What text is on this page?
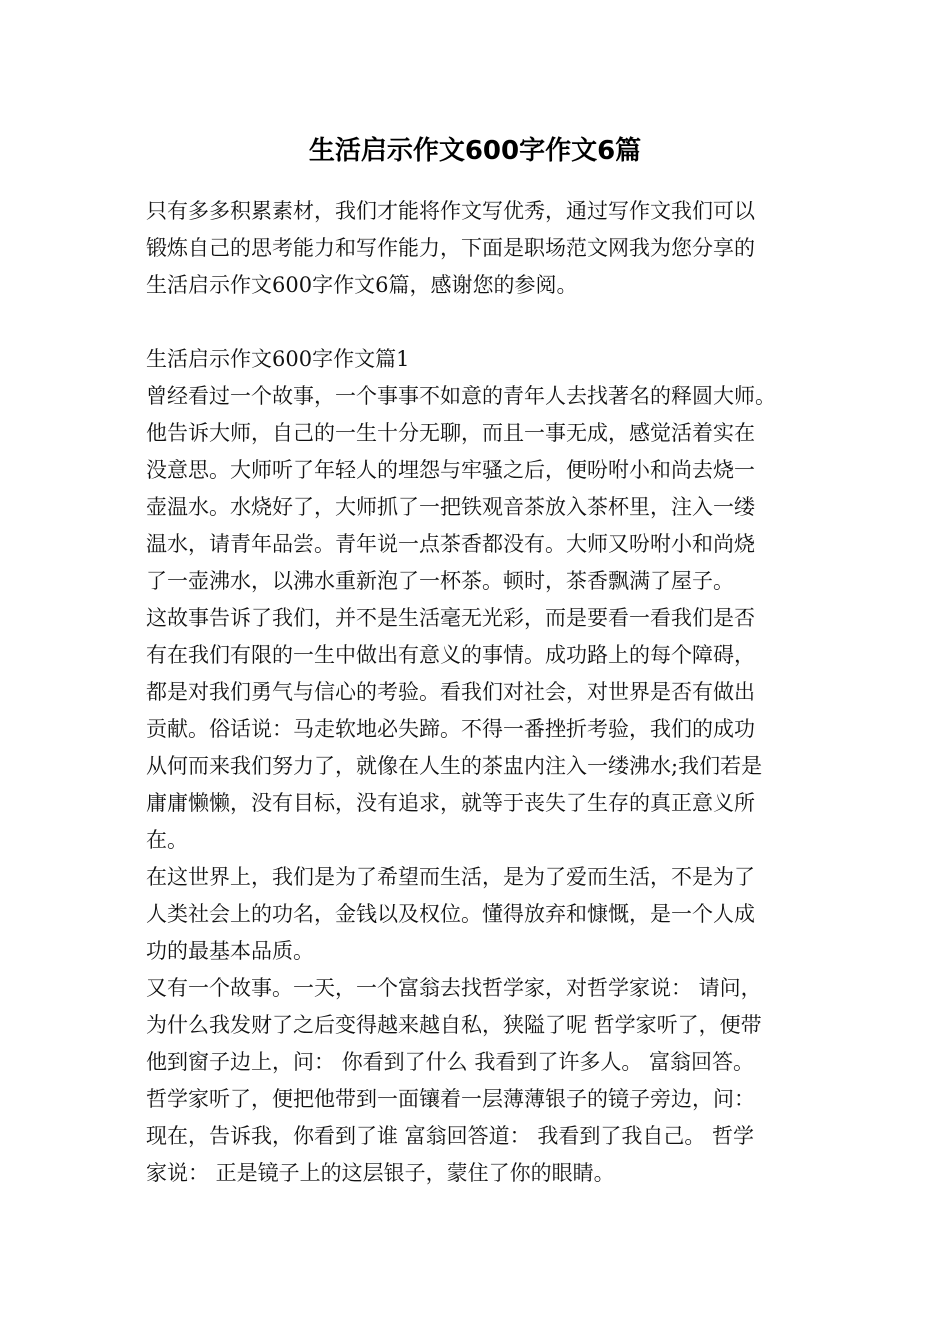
生活启示作文600字作文6篇
只有多多积累素材，我们才能将作文写优秀，通过写作文我们可以
锻炼自己的思考能力和写作能力，下面是职场范文网我为您分享的
生活启示作文600字作文6篇，感谢您的参阅。
生活启示作文600字作文篇1
曾经看过一个故事，一个事事不如意的青年人去找著名的释圆大师。
他告诉大师，自己的一生十分无聊，而且一事无成，感觉活着实在
没意思。大师听了年轻人的埋怨与牢骚之后，便吩咐小和尚去烧一
壶温水。水烧好了，大师抓了一把铁观音茶放入茶杯里，注入一缕
温水，请青年品尝。青年说一点茶香都没有。大师又吩咐小和尚烧
了一壶沸水，以沸水重新泡了一杯茶。顿时，茶香飘满了屋子。
这故事告诉了我们，并不是生活毫无光彩，而是要看一看我们是否
有在我们有限的一生中做出有意义的事情。成功路上的每个障碍，
都是对我们勇气与信心的考验。看我们对社会，对世界是否有做出
贡献。俗话说：马走软地必失蹄。不得一番挫折考验，我们的成功
从何而来我们努力了，就像在人生的茶盅内注入一缕沸水;我们若是
庸庸懒懒，没有目标，没有追求，就等于丧失了生存的真正意义所
在。
在这世界上，我们是为了希望而生活，是为了爱而生活，不是为了
人类社会上的功名，金钱以及权位。懂得放弃和慷慨，是一个人成
功的最基本品质。
又有一个故事。一天，一个富翁去找哲学家，对哲学家说： 请问，
为什么我发财了之后变得越来越自私，狭隘了呢 哲学家听了，便带
他到窗子边上，问： 你看到了什么 我看到了许多人。 富翁回答。
哲学家听了，便把他带到一面镶着一层薄薄银子的镜子旁边，问：
现在，告诉我，你看到了谁 富翁回答道： 我看到了我自己。 哲学
家说： 正是镜子上的这层银子，蒙住了你的眼睛。
